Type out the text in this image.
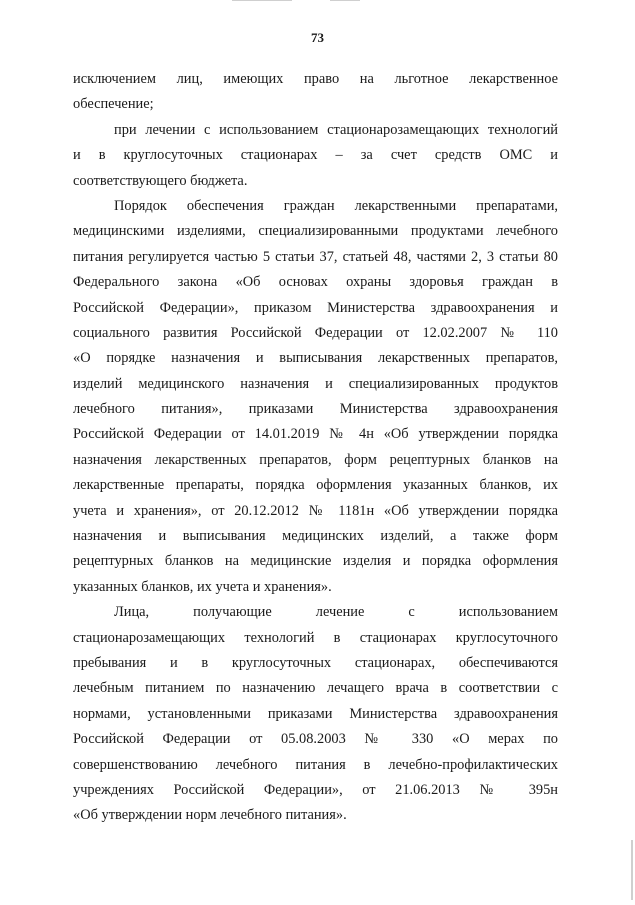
73
исключением лиц, имеющих право на льготное лекарственное
обеспечение;
при лечении с использованием стационарозамещающих технологий
и в круглосуточных стационарах – за счет средств ОМС и
соответствующего бюджета.
Порядок обеспечения граждан лекарственными препаратами,
медицинскими изделиями, специализированными продуктами лечебного
питания регулируется частью 5 статьи 37, статьей 48, частями 2, 3 статьи 80
Федерального закона «Об основах охраны здоровья граждан в
Российской Федерации», приказом Министерства здравоохранения и
социального развития Российской Федерации от 12.02.2007 № 110
«О порядке назначения и выписывания лекарственных препаратов,
изделий медицинского назначения и специализированных продуктов
лечебного питания», приказами Министерства здравоохранения
Российской Федерации от 14.01.2019 № 4н «Об утверждении порядка
назначения лекарственных препаратов, форм рецептурных бланков на
лекарственные препараты, порядка оформления указанных бланков, их
учета и хранения», от 20.12.2012 № 1181н «Об утверждении порядка
назначения и выписывания медицинских изделий, а также форм
рецептурных бланков на медицинские изделия и порядка оформления
указанных бланков, их учета и хранения».
Лица, получающие лечение с использованием
стационарозамещающих технологий в стационарах круглосуточного
пребывания и в круглосуточных стационарах, обеспечиваются
лечебным питанием по назначению лечащего врача в соответствии с
нормами, установленными приказами Министерства здравоохранения
Российской Федерации от 05.08.2003 № 330 «О мерах по
совершенствованию лечебного питания в лечебно-профилактических
учреждениях Российской Федерации», от 21.06.2013 № 395н
«Об утверждении норм лечебного питания».
